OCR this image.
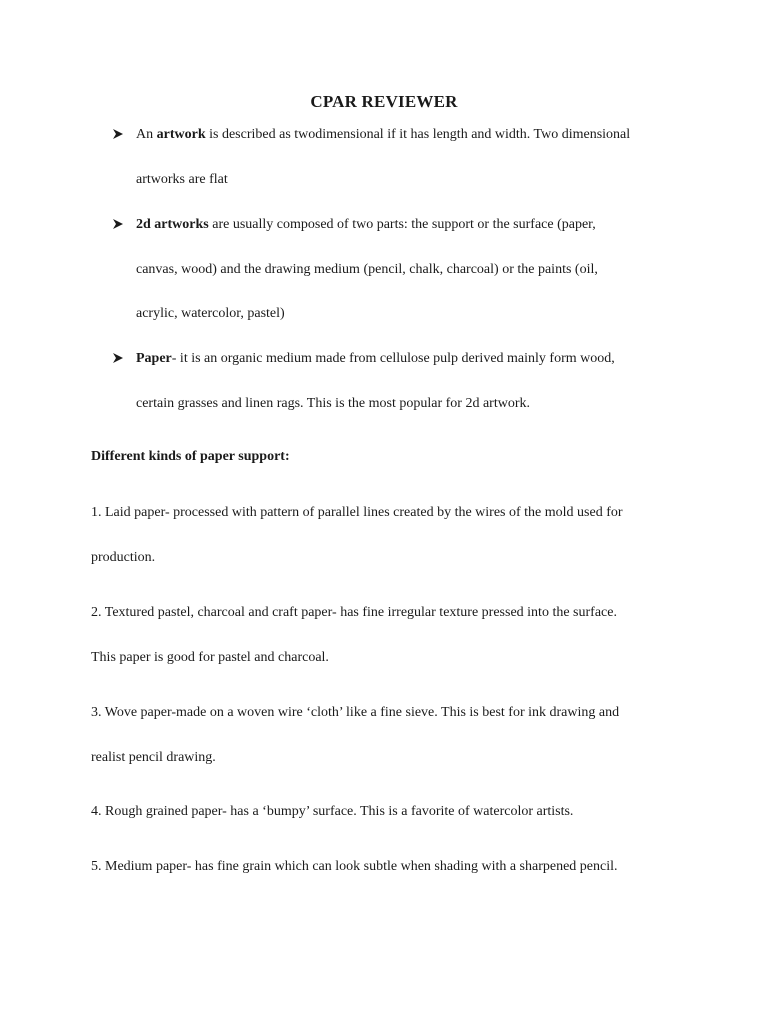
CPAR REVIEWER
An artwork is described as twodimensional if it has length and width. Two dimensional
artworks are flat
2d artworks are usually composed of two parts: the support or the surface (paper,
canvas, wood) and the drawing medium (pencil, chalk, charcoal) or the paints (oil,
acrylic, watercolor, pastel)
Paper- it is an organic medium made from cellulose pulp derived mainly form wood,
certain grasses and linen rags. This is the most popular for 2d artwork.
Different kinds of paper support:
1. Laid paper- processed with pattern of parallel lines created by the wires of the mold used for
production.
2. Textured pastel, charcoal and craft paper- has fine irregular texture pressed into the surface.
This paper is good for pastel and charcoal.
3. Wove paper-made on a woven wire ‘cloth’ like a fine sieve. This is best for ink drawing and
realist pencil drawing.
4. Rough grained paper- has a ‘bumpy’ surface. This is a favorite of watercolor artists.
5. Medium paper- has fine grain which can look subtle when shading with a sharpened pencil.
